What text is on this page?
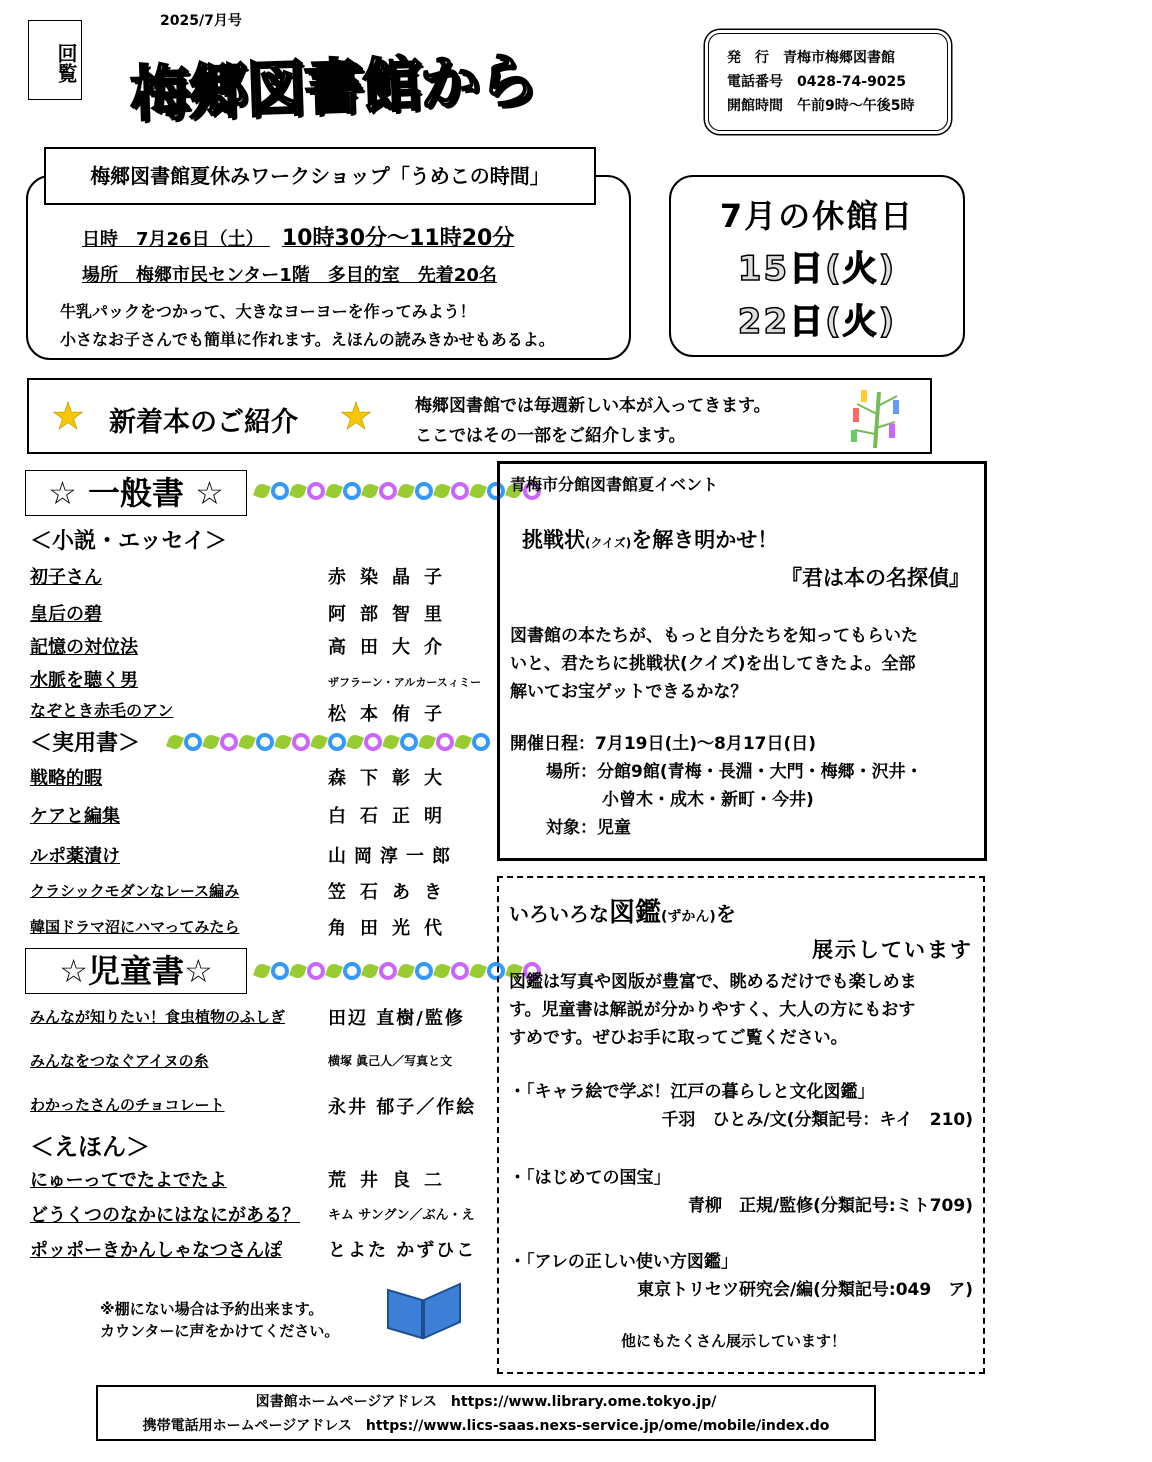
回覧
2025/7月号
梅郷図書館から	発　行　青梅市梅郷図書館
電話番号　0428-74-9025
開館時間　午前9時～午後5時
日時　7月26日（土） 10時30分～11時20分
場所　梅郷市民センター1階　多目的室　先着20名
牛乳パックをつかって、大きなヨーヨーを作ってみよう！
小さなお子さんでも簡単に作れます。えほんの読みきかせもあるよ。
梅郷図書館夏休みワークショップ「うめこの時間」
7月の休館日
15日(火)
22日(火)
★ 新着本のご紹介 ★ 梅郷図書館では毎週新しい本が入ってきます。
ここではその一部をご紹介します。
☆ 一般書 ☆
＜小説・エッセイ＞
初子さん	赤染晶子
皇后の碧	阿部智里
記憶の対位法	高田大介
水脈を聴く男	ザフラーン・アルカースィミー
なぞとき赤毛のアン	松本侑子
＜実用書＞
戦略的暇	森下彰大
ケアと編集	白石正明
ルポ薬漬け	山岡淳一郎
クラシックモダンなレース編み	笠石あき
韓国ドラマ沼にハマってみたら	角田光代
☆児童書☆
みんなが知りたい！食虫植物のふしぎ 田辺 直樹/監修
みんなをつなぐアイヌの糸	横塚 眞己人／写真と文
わかったさんのチョコレート	永井 郁子／作絵
＜えほん＞
にゅーってでたよでたよ	荒井良二
どうくつのなかにはなにがある？ キム サングン／ぶん・え
ポッポーきかんしゃなつさんぽ	とよた かずひこ
※棚にない場合は予約出来ます。
カウンターに声をかけてください。
青梅市分館図書館夏イベント
挑戦状(クイズ)を解き明かせ！
『君は本の名探偵』
図書館の本たちが、もっと自分たちを知ってもらいた
いと、君たちに挑戦状(クイズ)を出してきたよ。全部
解いてお宝ゲットできるかな？
開催日程：7月19日(土)～8月17日(日)
場所：分館9館(青梅・長淵・大門・梅郷・沢井・
小曾木・成木・新町・今井)
対象：児童
いろいろな図鑑(ずかん)を
展示しています
図鑑は写真や図版が豊富で、眺めるだけでも楽しめま
す。児童書は解説が分かりやすく、大人の方にもおす
すめです。ぜひお手に取ってご覧ください。
・「キャラ絵で学ぶ！江戸の暮らしと文化図鑑」
千羽　ひとみ/文(分類記号：キイ　210)
・「はじめての国宝」
青柳　正規/監修(分類記号:ミト709)
・「アレの正しい使い方図鑑」
東京トリセツ研究会/編(分類記号:049　ア)
他にもたくさん展示しています！
図書館ホームページアドレス　https://www.library.ome.tokyo.jp/
携帯電話用ホームページアドレス　https://www.lics-saas.nexs-service.jp/ome/mobile/index.do
